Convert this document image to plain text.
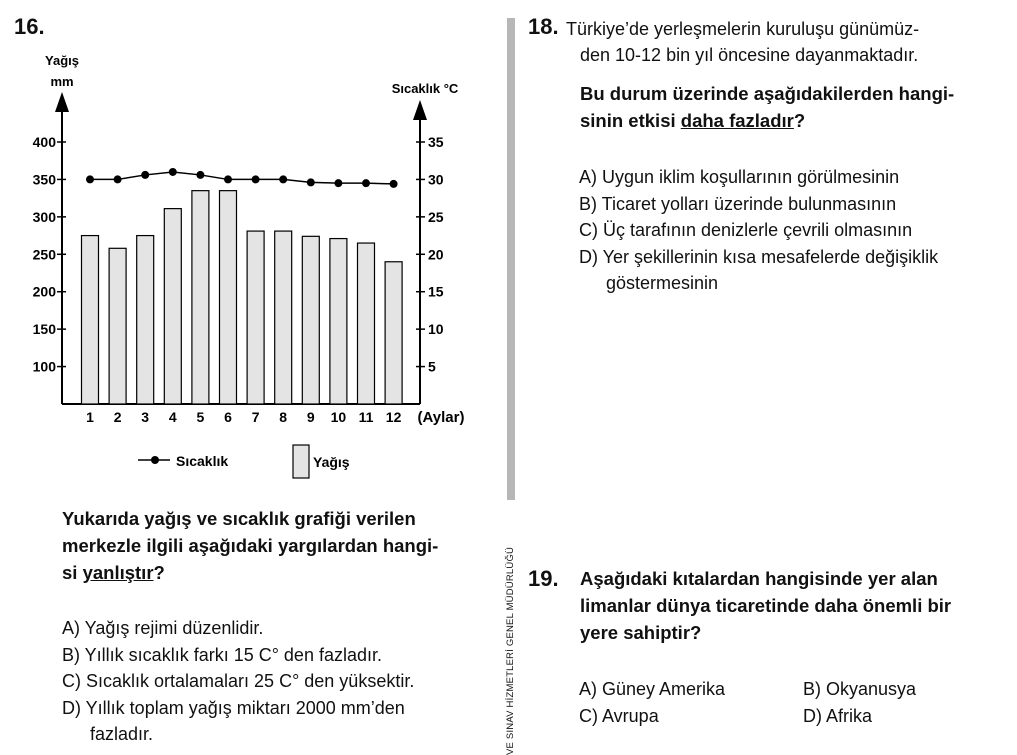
16.
Yağış
mm	Sıcaklık °C
(Aylar)
100
150
200
250
300
350
400
5
10
15
20
25
30
35
1 2 3 4 5 6 7 8 9 10 11 12
Sıcaklık	Yağış
Yukarıda yağış ve sıcaklık grafiği verilen
merkezle ilgili aşağıdaki yargılardan hangi-
si yanlıştır?
A) Yağış rejimi düzenlidir.
B) Yıllık sıcaklık farkı 15 C° den fazladır.
C) Sıcaklık ortalamaları 25 C° den yüksektir.
D) Yıllık toplam yağış miktarı 2000 mm’den
fazladır.	VE SINAV HİZMETLERİ GENEL MÜDÜRLÜĞÜ
18. Türkiye’de yerleşmelerin kuruluşu günümüz-
den 10-12 bin yıl öncesine dayanmaktadır.
Bu durum üzerinde aşağıdakilerden hangi-
sinin etkisi daha fazladır?
A) Uygun iklim koşullarının görülmesinin
B) Ticaret yolları üzerinde bulunmasının
C) Üç tarafının denizlerle çevrili olmasının
D) Yer şekillerinin kısa mesafelerde değişiklik
göstermesinin
19. Aşağıdaki kıtalardan hangisinde yer alan
limanlar dünya ticaretinde daha önemli bir
yere sahiptir?
A) Güney Amerika	B) Okyanusya
C) Avrupa	D) Afrika
